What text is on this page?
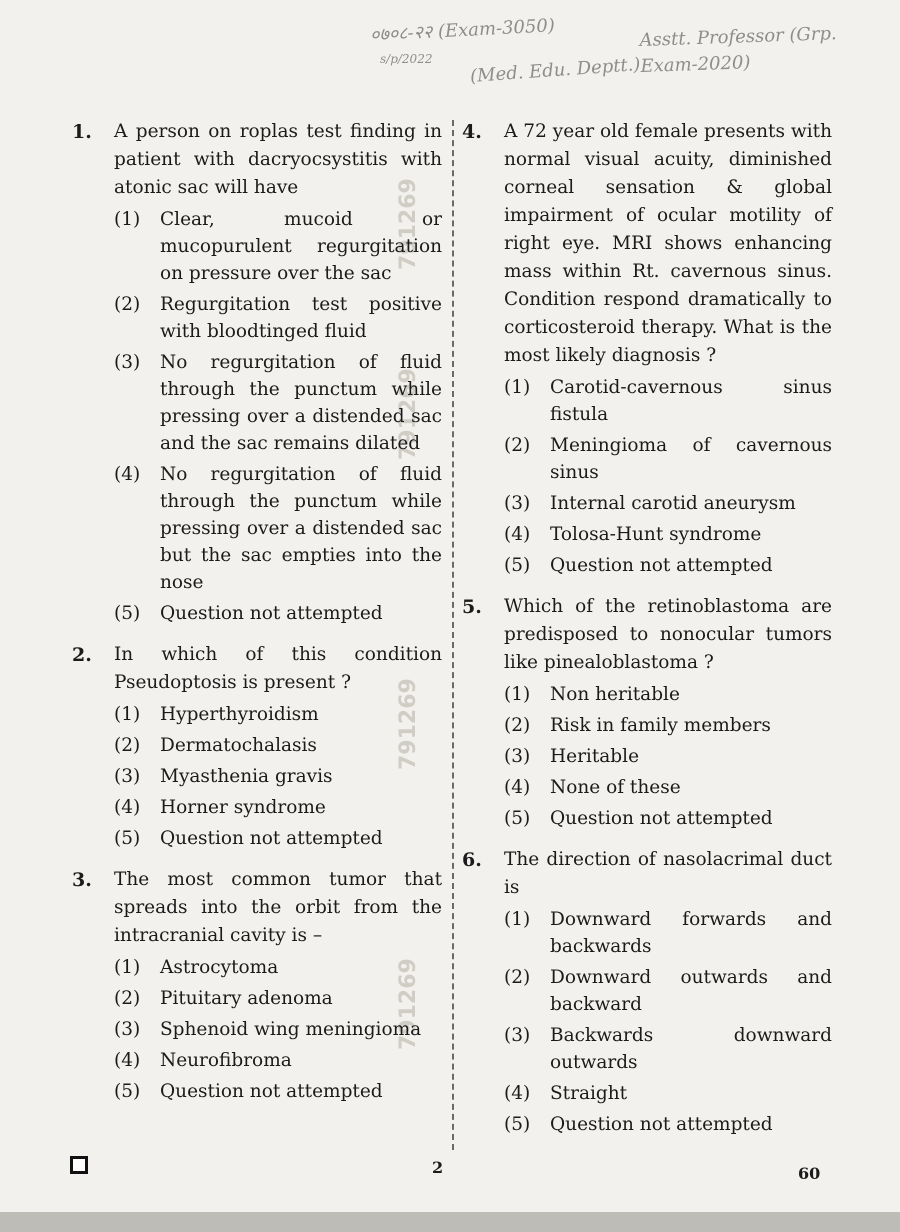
०७०८-२२ (Exam-3050)	Asstt. Professor (Grp. Exam-2020)
(Med. Edu. Deptt.)
s/p/2022
791269
791269
791269
791269
1.	A person on roplas test finding in patient with dacryocsystitis with atonic sac will have
(1)	Clear, mucoid or mucopurulent regurgitation on pressure over the sac
(2)	Regurgitation test positive with bloodtinged fluid
(3)	No regurgitation of fluid through the punctum while pressing over a distended sac and the sac remains dilated
(4)	No regurgitation of fluid through the punctum while pressing over a distended sac but the sac empties into the nose
(5)	Question not attempted
2.	In which of this condition Pseudoptosis is present ?
(1)	Hyperthyroidism
(2)	Dermatochalasis
(3)	Myasthenia gravis
(4)	Horner syndrome
(5)	Question not attempted
3.	The most common tumor that spreads into the orbit from the intracranial cavity is –
(1)	Astrocytoma
(2)	Pituitary adenoma
(3)	Sphenoid wing meningioma
(4)	Neurofibroma
(5)	Question not attempted
4.	A 72 year old female presents with normal visual acuity, diminished corneal sensation & global impairment of ocular motility of right eye. MRI shows enhancing mass within Rt. cavernous sinus. Condition respond dramatically to corticosteroid therapy. What is the most likely diagnosis ?
(1)	Carotid-cavernous sinus fistula
(2)	Meningioma of cavernous sinus
(3)	Internal carotid aneurysm
(4)	Tolosa-Hunt syndrome
(5)	Question not attempted
5.	Which of the retinoblastoma are predisposed to nonocular tumors like pinealoblastoma ?
(1)	Non heritable
(2)	Risk in family members
(3)	Heritable
(4)	None of these
(5)	Question not attempted
6.	The direction of nasolacrimal duct is
(1)	Downward forwards and backwards
(2)	Downward outwards and backward
(3)	Backwards downward outwards
(4)	Straight
(5)	Question not attempted
2	60
